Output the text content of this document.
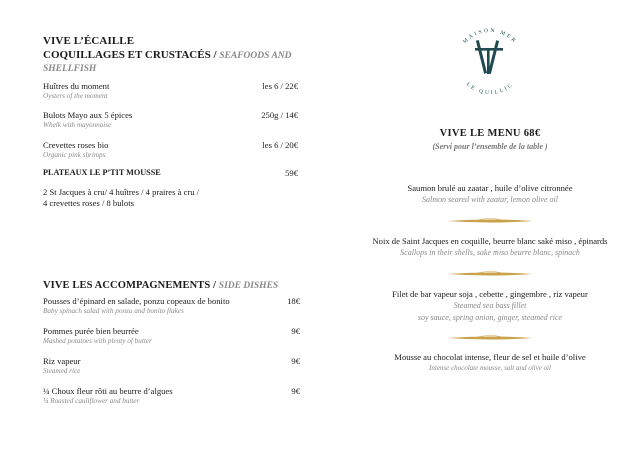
VIVE L’ÉCAILLE
COQUILLAGES ET CRUSTACÉS / SEAFOODS AND SHELLFISH
Huîtres du moment
Oysters of the moment
les 6 / 22€
Bulots Mayo aux 5 épices
Whelk with mayonnaise
250g / 14€
Crevettes roses bio
Organic pink shrimps
les 6 / 20€
PLATEAUX LE P’TIT MOUSSE	59€
2 St Jacques à cru/ 4 huîtres / 4 praires à cru /
4 crevettes roses / 8 bulots
VIVE LES ACCOMPAGNEMENTS / SIDE DISHES
Pousses d’épinard en salade, ponzu copeaux de bonito
Baby spinach salad with ponzu and bonito flakes
18€
Pommes purée bien beurrée
Mashed potatoes with plenty of butter
9€
Riz vapeur
Steamed rice
9€
¼ Choux fleur rôti au beurre d’algues
¼ Roasted cauliflower and butter
9€
MAISON MER
LE QUILLIC
VIVE LE MENU 68€
(Servi pour l’ensemble de la table )
Saumon brulé au zaatar , huile d’olive citronnée
Salmon seared with zaatar, lemon olive oil
Noix de Saint Jacques en coquille, beurre blanc saké miso , épinards
Scallops in their shells, sake miso beurre blanc, spinach
Filet de bar vapeur soja , cebette , gingembre , riz vapeur
Steamed sea bass fillet
soy sauce, spring onion, ginger, steamed rice
Mousse au chocolat intense, fleur de sel et huile d’olive
Intense chocolate mousse, salt and olive oil
